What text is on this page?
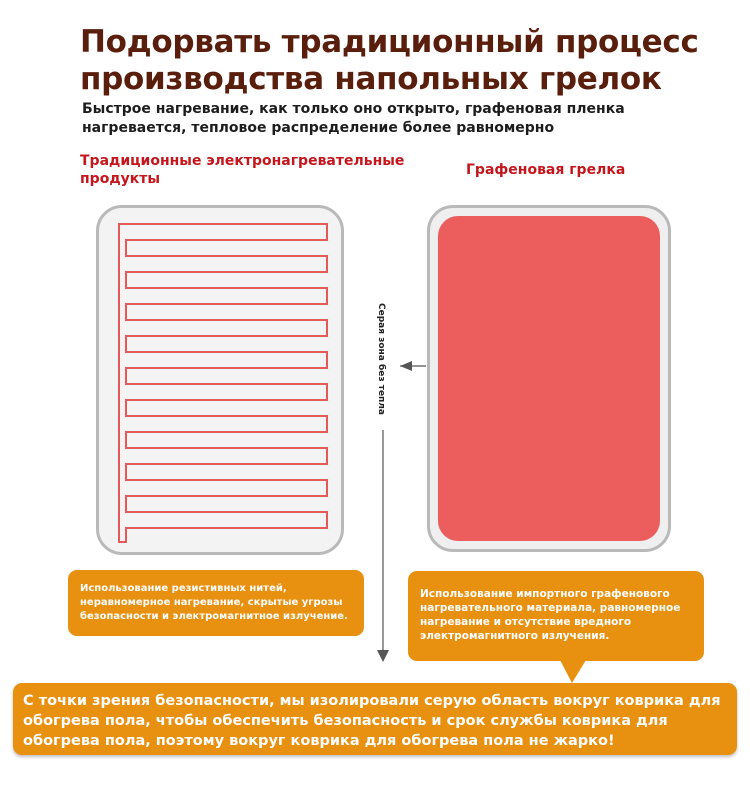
Подорвать традиционный процесс производства напольных грелок

Быстрое нагревание, как только оно открыто, графеновая пленка нагревается, тепловое распределение более равномерно

Традиционные электронагревательные продукты
Графеновая грелка
Серая зона без тепла
Использование резистивных нитей, неравномерное нагревание, скрытые угрозы безопасности и электромагнитное излучение.
Использование импортного графенового нагревательного материала, равномерное нагревание и отсутствие вредного электромагнитного излучения.
С точки зрения безопасности, мы изолировали серую область вокруг коврика для обогрева пола, чтобы обеспечить безопасность и срок службы коврика для обогрева пола, поэтому вокруг коврика для обогрева пола не жарко!
